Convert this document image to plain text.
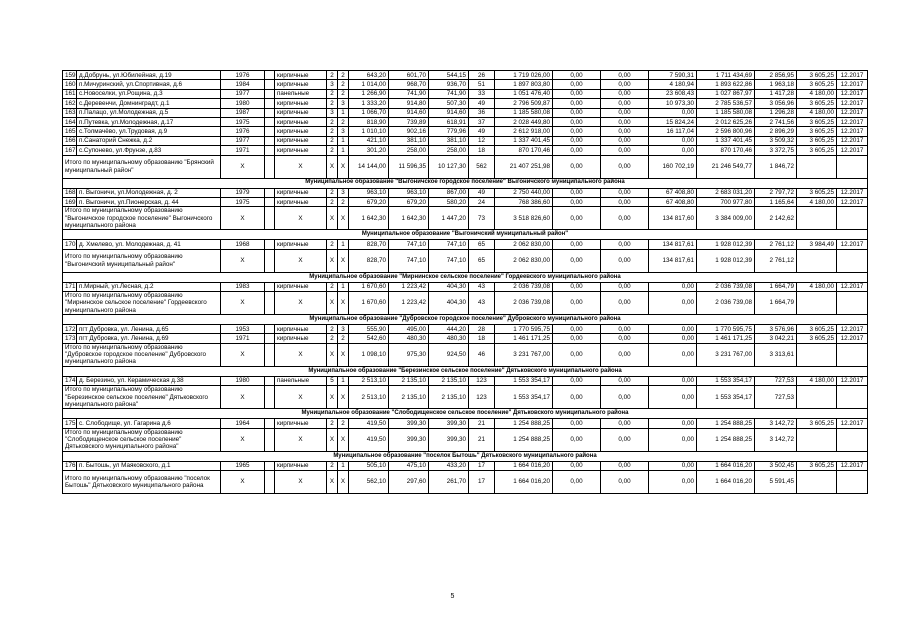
159	д.Добрунь, ул.Юбилейная, д.19	1976		кирпичные	2	2	643,20	601,70	544,15	26	1 719 026,00	0,00	0,00	7 590,31	1 711 434,69	2 856,95	3 605,25	12.2017
160	п.Мичуринский, ул.Спортивная, д.6	1984		кирпичные	3	2	1 014,00	968,70	936,70	51	1 897 803,80	0,00	0,00	4 180,94	1 893 622,86	1 963,18	3 605,25	12.2017
161	с.Новоселки, ул.Рощина, д.3	1977		панельные	2	2	1 266,90	741,90	741,90	33	1 051 476,40	0,00	0,00	23 608,43	1 027 867,97	1 417,28	4 180,00	12.2017
162	с.Деревенчи, Домнинградт, д.1	1980		кирпичные	2	3	1 333,20	914,80	507,30	49	2 796 509,87	0,00	0,00	10 973,30	2 785 536,57	3 056,96	3 605,25	12.2017
163	п.Палацо, ул.Молодежная, д.5	1987		кирпичные	3	1	1 066,70	914,60	914,60	36	1 185 580,08	0,00	0,00	0,00	1 185 580,08	1 296,28	4 180,00	12.2017
164	п.Путевка, ул.Молодежная, д.17	1975		кирпичные	2	2	818,90	739,89	618,91	37	2 028 449,80	0,00	0,00	15 824,24	2 012 625,26	2 741,56	3 605,25	12.2017
165	с.Толмачёво, ул.Трудовая, д.9	1976		кирпичные	2	3	1 010,10	902,16	779,96	49	2 612 918,00	0,00	0,00	16 117,04	2 596 800,96	2 896,29	3 605,25	12.2017
166	п.Санаторий Снежка, д.2	1977		кирпичные	2	1	421,10	381,10	381,10	12	1 337 401,45	0,00	0,00	0,00	1 337 401,45	3 509,32	3 605,25	12.2017
167	с.Супонево, ул.Фрунзе, д.83	1971		кирпичные	2	1	301,20	258,00	258,00	18	870 170,46	0,00	0,00	0,00	870 170,46	3 372,75	3 605,25	12.2017
Итого по муниципальному образованию "Брянский муниципальный район"		X		X	X	X	14 144,00	11 596,35	10 127,30	562	21 407 251,98	0,00	0,00	160 702,19	21 246 549,77	1 846,72		
Муниципальное образование "Выгоничское городское поселение" Выгоничского муниципального района																		
168	п. Выгоничи, ул.Молодежная, д. 2	1979		кирпичные	2	3	963,10	963,10	867,00	49	2 750 440,00	0,00	0,00	67 408,80	2 683 031,20	2 797,72	3 605,25	12.2017
169	п. Выгоничи, ул.Пионерская, д. 44	1975		кирпичные	2	2	679,20	679,20	580,20	24	768 386,60	0,00	0,00	67 408,80	700 977,80	1 165,64	4 180,00	12.2017
Итого по муниципальному образованию "Выгоничское городское поселение" Выгоничского муниципального района		X		X	X	X	1 642,30	1 642,30	1 447,20	73	3 518 826,60	0,00	0,00	134 817,60	3 384 009,00	2 142,62		
Муниципальное образование "Выгоничский муниципальный район"																		
170	д. Хмелево, ул. Молодежная, д. 41	1968		кирпичные	2	1	828,70	747,10	747,10	65	2 062 830,00	0,00	0,00	134 817,61	1 928 012,39	2 761,12	3 984,49	12.2017
Итого по муниципальному образованию "Выгоничский муниципальный район"		X		X	X	X	828,70	747,10	747,10	65	2 062 830,00	0,00	0,00	134 817,61	1 928 012,39	2 761,12		
Муниципальное образование "Мирнинское сельское поселение" Гордеевского муниципального района																		
171	п.Мирный, ул.Лесная, д.2	1983		кирпичные	2	1	1 670,60	1 223,42	404,30	43	2 036 739,08	0,00	0,00	0,00	2 036 739,08	1 664,79	4 180,00	12.2017
Итого по муниципальному образованию "Мирнинское сельское поселение" Гордеевского муниципального района		X		X	X	X	1 670,60	1 223,42	404,30	43	2 036 739,08	0,00	0,00	0,00	2 036 739,08	1 664,79		
Муниципальное образование "Дубровское городское поселение" Дубровского муниципального района																		
172	пгт Дубровка, ул. Ленина, д.65	1953		кирпичные	2	3	555,90	495,00	444,20	28	1 770 595,75	0,00	0,00	0,00	1 770 595,75	3 576,96	3 605,25	12.2017
173	пгт Дубровка, ул. Ленина, д.69	1971		кирпичные	2	2	542,60	480,30	480,30	18	1 461 171,25	0,00	0,00	0,00	1 461 171,25	3 042,21	3 605,25	12.2017
Итого по муниципальному образованию "Дубровское городское поселение" Дубровского муниципального района		X		X	X	X	1 098,10	975,30	924,50	46	3 231 767,00	0,00	0,00	0,00	3 231 767,00	3 313,61		
Муниципальное образование "Березинское сельское поселение" Дятьковского муниципального района																		
174	д. Березино, ул. Керамическая д.38	1980		панельные	5	1	2 513,10	2 135,10	2 135,10	123	1 553 354,17	0,00	0,00	0,00	1 553 354,17	727,53	4 180,00	12.2017
Итого по муниципальному образованию "Березинское сельское поселение" Дятьковского муниципального района"		X		X	X	X	2 513,10	2 135,10	2 135,10	123	1 553 354,17	0,00	0,00	0,00	1 553 354,17	727,53		
Муниципальное образование "Слободищенское сельское поселение" Дятьковского муниципального района																		
175	с. Слободище, ул. Гагарина д.6	1964		кирпичные	2	2	419,50	399,30	399,30	21	1 254 888,25	0,00	0,00	0,00	1 254 888,25	3 142,72	3 605,25	12.2017
Итого по муниципальному образованию "Слободищенское сельское поселение" Дятьковского муниципального района"		X		X	X	X	419,50	399,30	399,30	21	1 254 888,25	0,00	0,00	0,00	1 254 888,25	3 142,72		
Муниципальное образование "поселок Бытошь" Дятьковского муниципального района																		
176	п. Бытошь, ул Маяковского, д.1	1965		кирпичные	2	1	505,10	475,10	433,20	17	1 664 016,20	0,00	0,00	0,00	1 664 016,20	3 502,45	3 605,25	12.2017
Итого по муниципальному образованию "поселок Бытошь" Дятьковского муниципального района		X		X	X	X	562,10	297,60	261,70	17	1 664 016,20	0,00	0,00	0,00	1 664 016,20	5 591,45		
5
